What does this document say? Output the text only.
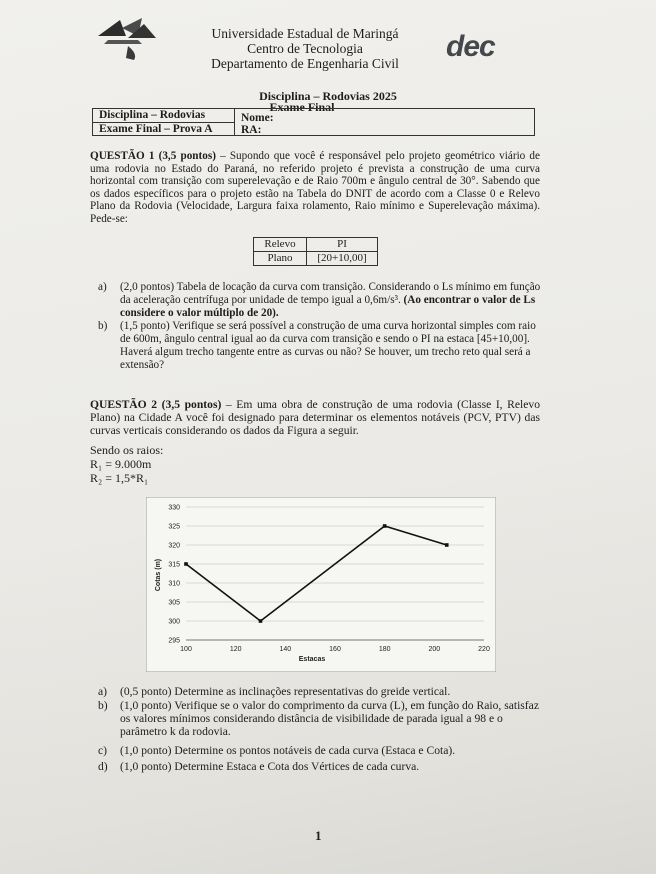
Universidade Estadual de Maringá
Centro de Tecnologia
Departamento de Engenharia Civil
dec
Disciplina – Rodovias 2025
Exame Final
Disciplina – Rodovias
Exame Final – Prova A
Nome:
RA:
QUESTÃO 1 (3,5 pontos) – Supondo que você é responsável pelo projeto geométrico viário de uma rodovia no Estado do Paraná, no referido projeto é prevista a construção de uma curva horizontal com transição com superelevação e de Raio 700m e ângulo central de 30°. Sabendo que os dados específicos para o projeto estão na Tabela do DNIT de acordo com a Classe 0 e Relevo Plano da Rodovia (Velocidade, Largura faixa rolamento, Raio mínimo e Superelevação máxima). Pede-se:
Relevo	PI
Plano	[20+10,00]
a) (2,0 pontos) Tabela de locação da curva com transição. Considerando o Ls mínimo em função da aceleração centrífuga por unidade de tempo igual a 0,6m/s³. (Ao encontrar o valor de Ls considere o valor múltiplo de 20).
b) (1,5 ponto) Verifique se será possível a construção de uma curva horizontal simples com raio de 600m, ângulo central igual ao da curva com transição e sendo o PI na estaca [45+10,00]. Haverá algum trecho tangente entre as curvas ou não? Se houver, um trecho reto qual será a extensão?
QUESTÃO 2 (3,5 pontos) – Em uma obra de construção de uma rodovia (Classe I, Relevo Plano) na Cidade A você foi designado para determinar os elementos notáveis (PCV, PTV) das curvas verticais considerando os dados da Figura a seguir.
Sendo os raios:
R₁ = 9.000m
R₂ = 1,5*R₁
295
300
305
310
315
320
325
330
100	120	140	160	180	200	220
Estacas
Cotas (m)
a) (0,5 ponto) Determine as inclinações representativas do greide vertical.
b) (1,0 ponto) Verifique se o valor do comprimento da curva (L), em função do Raio, satisfaz os valores mínimos considerando distância de visibilidade de parada igual a 98 e o parâmetro k da rodovia.
c) (1,0 ponto) Determine os pontos notáveis de cada curva (Estaca e Cota).
d) (1,0 ponto) Determine Estaca e Cota dos Vértices de cada curva.
1
